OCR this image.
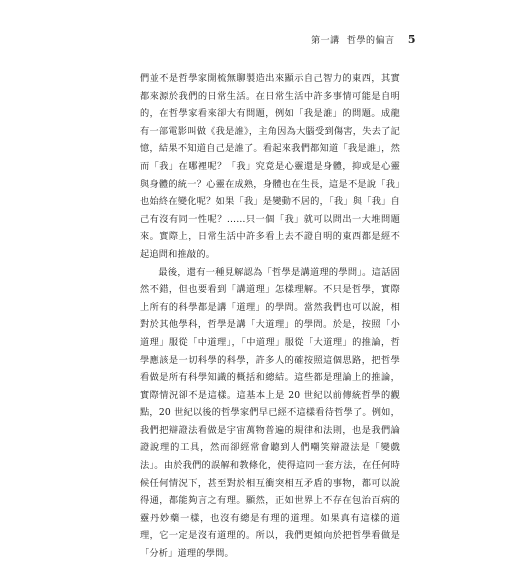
第一講 哲學的偏言 5

們並不是哲學家開梳無聊製造出來顯示自己智力的東西，其實都來源於我們的日常生活。在日常生活中許多事情可能是自明的，在哲學家看來卻大有問題，例如「我是誰」的問題。成龍有一部電影叫做《我是誰》，主角因為大腦受到傷害，失去了記憶，結果不知道自己是誰了。看起來我們都知道「我是誰」，然而「我」在哪裡呢？「我」究竟是心靈還是身體，抑或是心靈與身體的統一？心靈在成熟，身體也在生長，這是不是說「我」也始終在變化呢？如果「我」是變動不居的，「我」與「我」自己有沒有同一性呢？……只一個「我」就可以問出一大堆問題來。實際上，日常生活中許多看上去不證自明的東西都是經不起追問和推敲的。

最後，還有一種見解認為「哲學是講道理的學問」。這話固然不錯，但也要看到「講道理」怎樣理解。不只是哲學，實際上所有的科學都是講「道理」的學問。當然我們也可以說，相對於其他學科，哲學是講「大道理」的學問。於是，按照「小道理」服從「中道理」，「中道理」服從「大道理」的推論，哲學應該是一切科學的科學，許多人的確按照這個思路，把哲學看做是所有科學知識的概括和總結。這些都是理論上的推論，實際情況卻不是這樣。這基本上是 20 世紀以前傳統哲學的觀點，20 世紀以後的哲學家們早已經不這樣看待哲學了。例如，我們把辯證法看做是宇宙萬物普遍的規律和法則，也是我們論證說理的工具，然而卻經常會聽到人們嘲笑辯證法是「變戲法」。由於我們的誤解和教條化，使得這同一套方法，在任何時候任何情況下，甚至對於相互衝突相互矛盾的事物，都可以說得通，都能夠言之有理。顯然，正如世界上不存在包治百病的靈丹妙藥一樣，也沒有總是有理的道理。如果真有這樣的道理，它一定是沒有道理的。所以，我們更傾向於把哲學看做是「分析」道理的學問。
